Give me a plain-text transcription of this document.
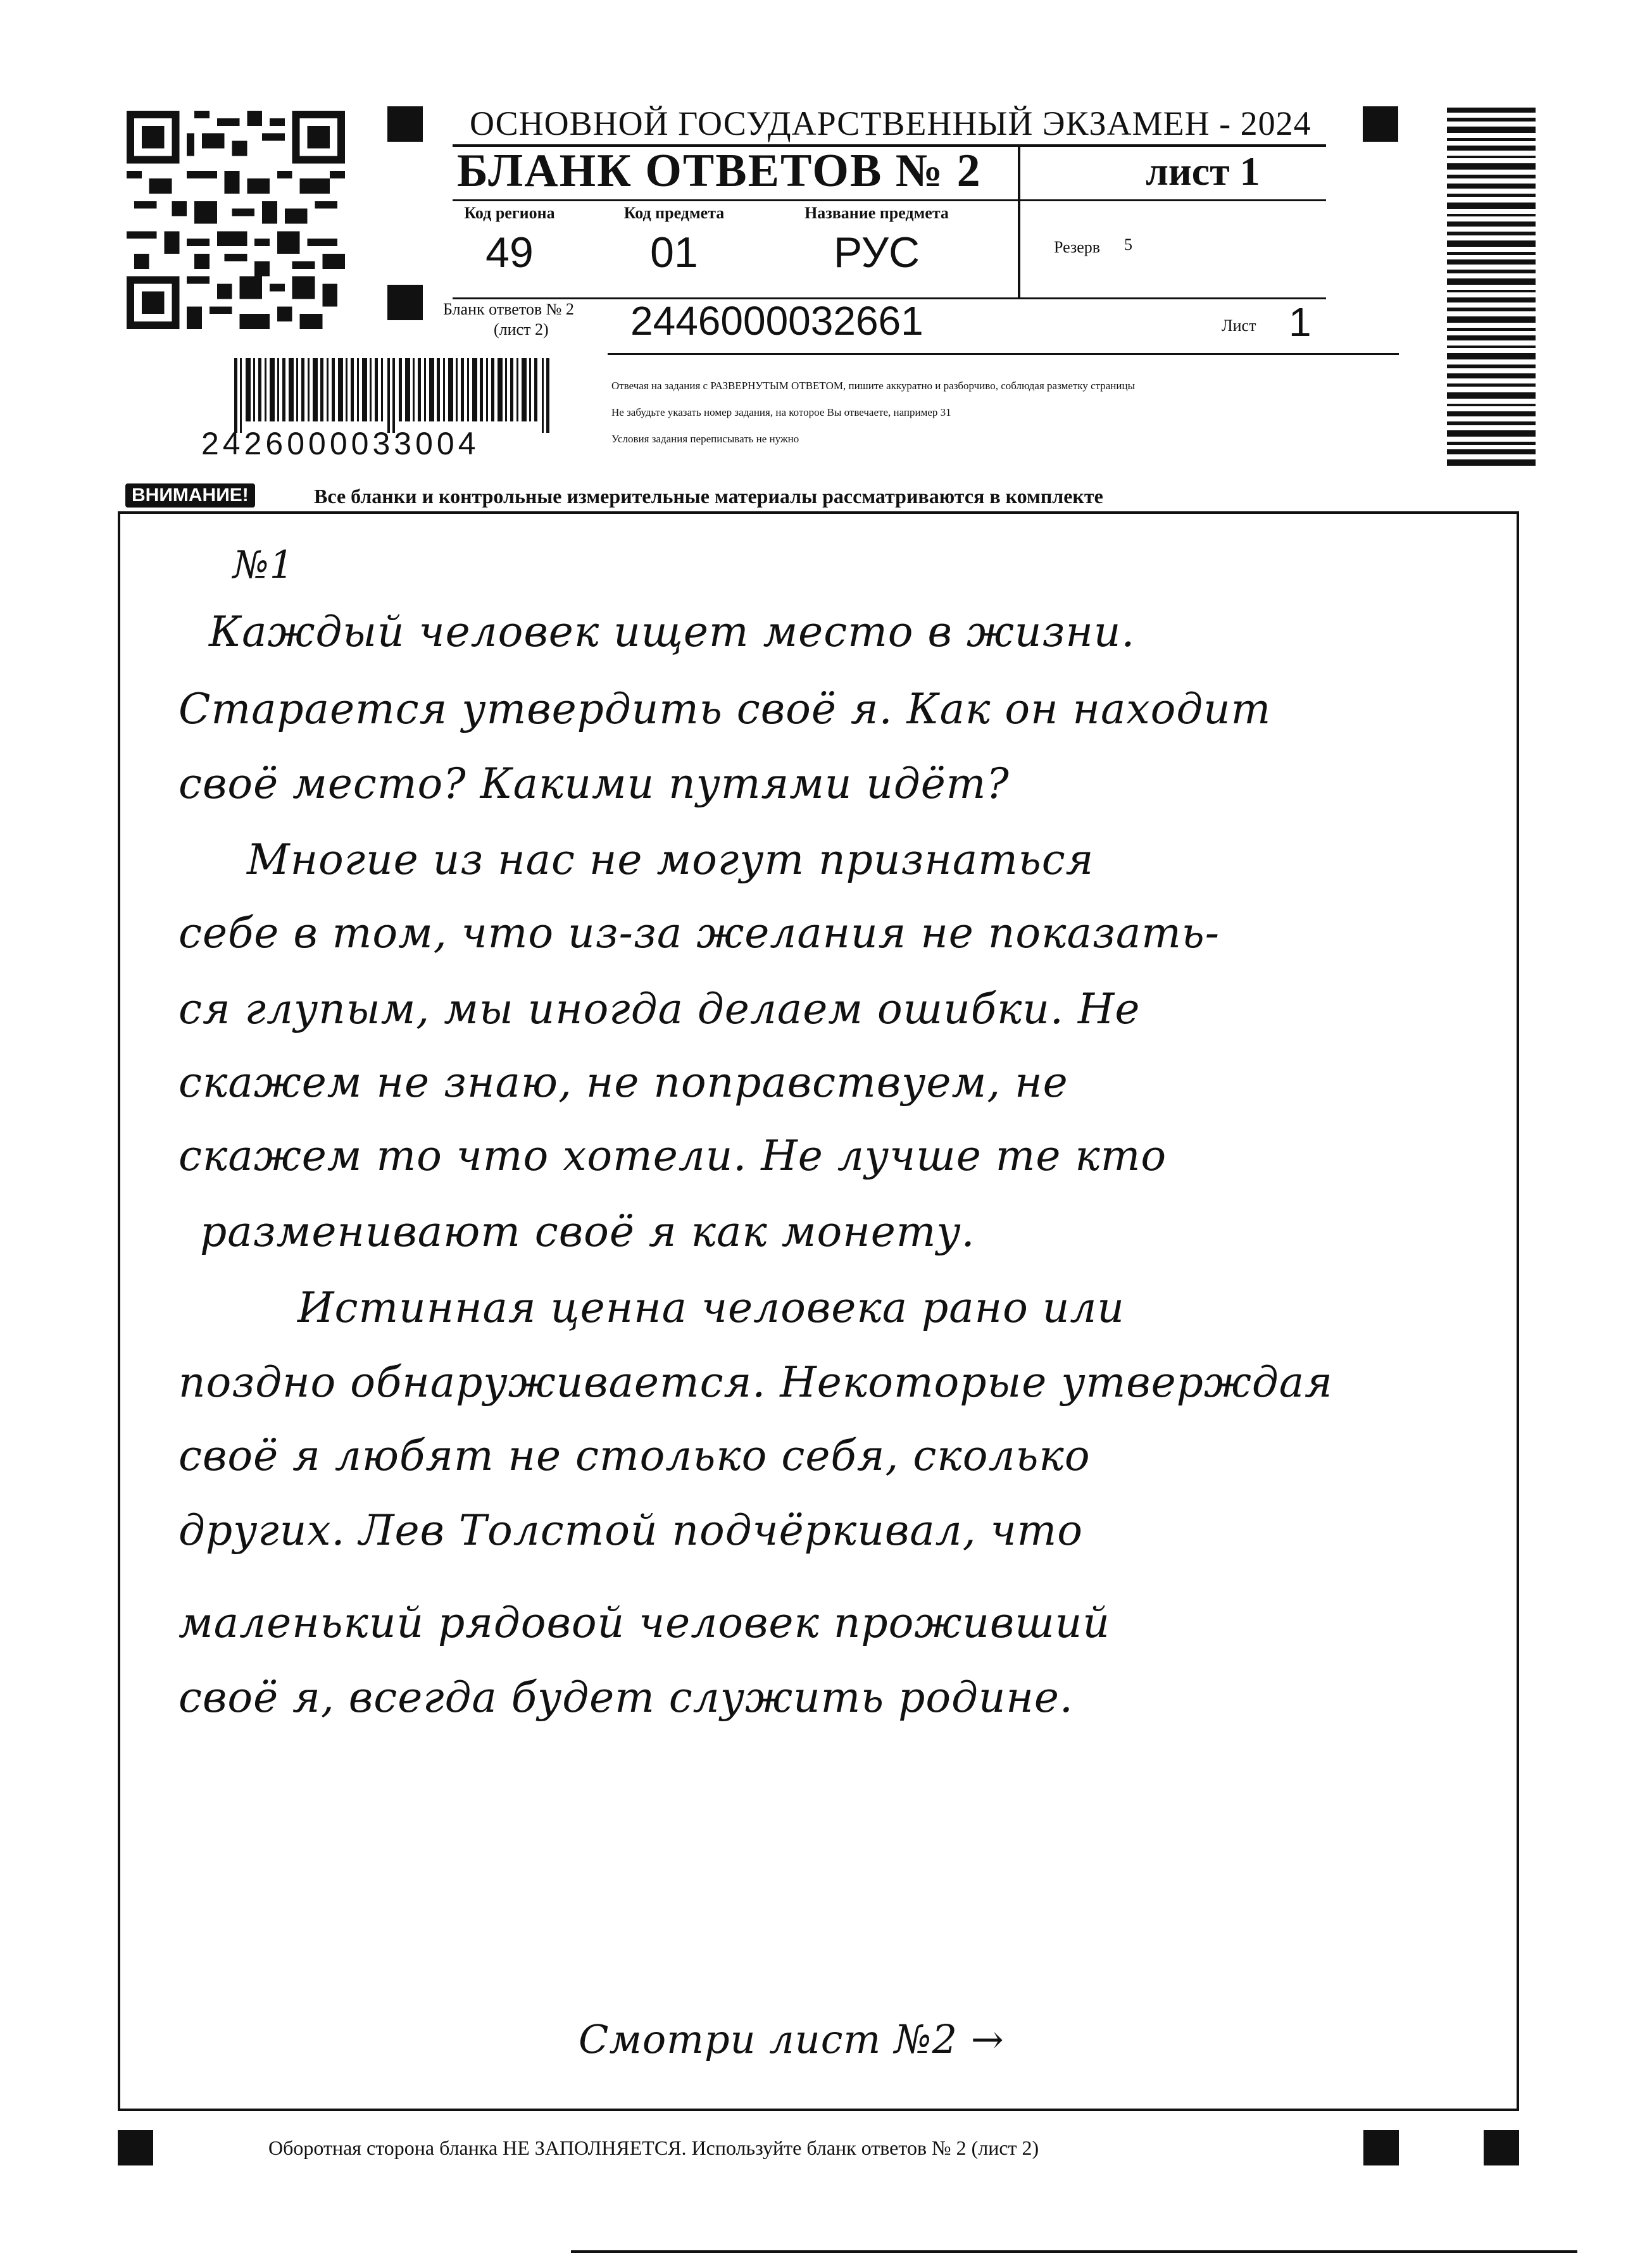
ОСНОВНОЙ ГОСУДАРСТВЕННЫЙ ЭКЗАМЕН - 2024
БЛАНК ОТВЕТОВ № 2	лист 1
Код региона
49
Код предмета
01
Название предмета
РУС	Резерв 5
Бланк ответов № 2
(лист 2) 2446000032661	Лист 1
2426000033004
Отвечая на задания с РАЗВЕРНУТЫМ ОТВЕТОМ, пишите аккуратно и разборчиво, соблюдая разметку страницы
Не забудьте указать номер задания, на которое Вы отвечаете, например 31
Условия задания переписывать не нужно
ВНИМАНИЕ!	Все бланки и контрольные измерительные материалы рассматриваются в комплекте
№1
Каждый человек ищет место в жизни.
Старается утвердить своё я. Как он находит
своё место? Какими путями идёт?
Многие из нас не могут признаться
себе в том, что из-за желания не показать-
ся глупым, мы иногда делаем ошибки. Не
скажем не знаю, не поправствуем, не
скажем то что хотели. Не лучше те кто
разменивают своё я как монету.
Истинная ценна человека рано или
поздно обнаруживается. Некоторые утверждая
своё я любят не столько себя, сколько
других. Лев Толстой подчёркивал, что
маленький рядовой человек проживший
своё я, всегда будет служить родине.
Смотри лист №2 →
Оборотная сторона бланка НЕ ЗАПОЛНЯЕТСЯ. Используйте бланк ответов № 2 (лист 2)
